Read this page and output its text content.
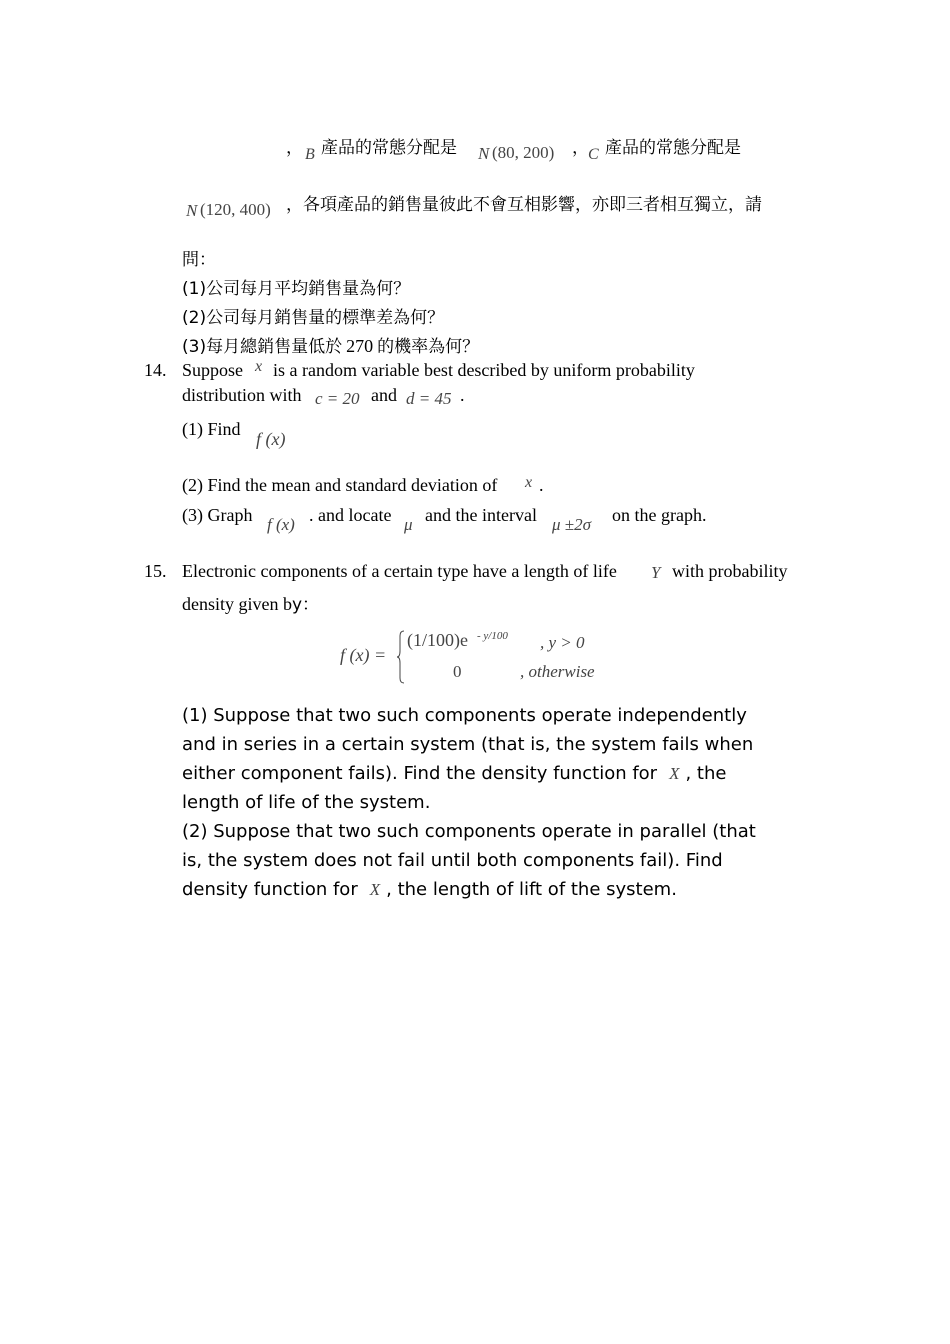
， B 產品的常態分配是 N (80, 200) ， C 產品的常態分配是
N (120, 400) ，各項產品的銷售量彼此不會互相影響，亦即三者相互獨立，請
問：
(1)公司每月平均銷售量為何？
(2)公司每月銷售量的標準差為何？
(3)每月總銷售量低於 270 的機率為何？
14. Suppose x is a random variable best described by uniform probability
distribution with c = 20 and d = 45 .
(1) Find f (x)
(2) Find the mean and standard deviation of x .
(3) Graph f (x) . and locate μ and the interval μ ±2σ on the graph.
15. Electronic components of a certain type have a length of life Y with probability
density given by：
f (x) =
(1/100)e - y/100 , y > 0
0	, otherwise
(1) Suppose that two such components operate independently
and in series in a certain system (that is, the system fails when
either component fails). Find the density function for X , the
length of life of the system.
(2) Suppose that two such components operate in parallel (that
is, the system does not fail until both components fail). Find
density function for X , the length of lift of the system.
